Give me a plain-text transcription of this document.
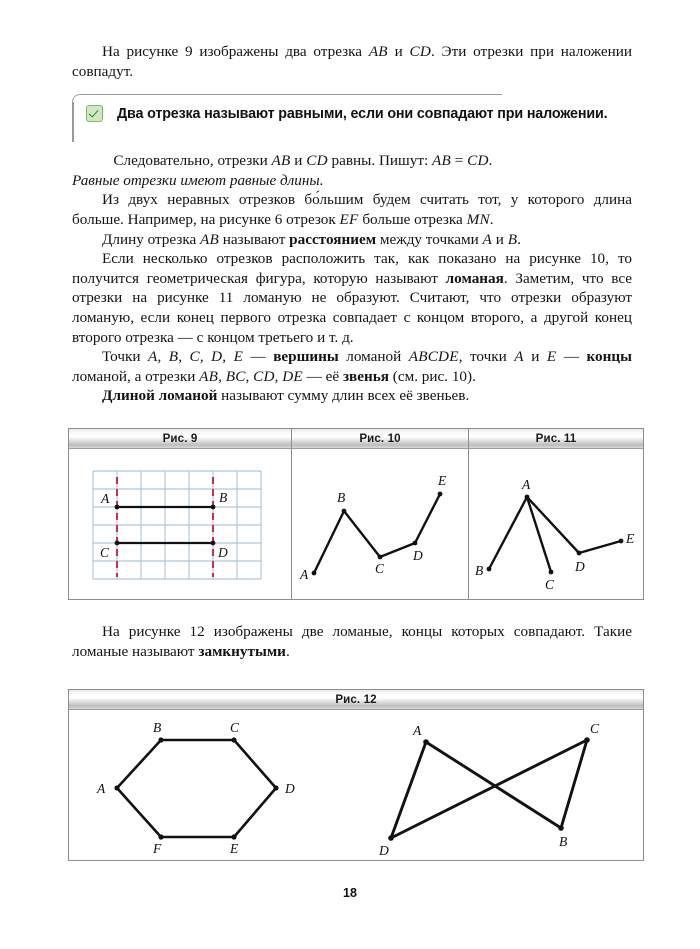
На рисунке 9 изображены два отрезка AB и CD. Эти отрезки при наложении совпадут.

Два отрезка называют равными, если они совпадают при наложении.

Следовательно, отрезки AB и CD равны. Пишут: AB = CD.
Равные отрезки имеют равные длины.

Из двух неравных отрезков бо́льшим будем считать тот, у которого длина больше. Например, на рисунке 6 отрезок EF больше отрезка MN.

Длину отрезка AB называют расстоянием между точками A и B.

Если несколько отрезков расположить так, как показано на рисунке 10, то получится геометрическая фигура, которую называют ломаная. Заметим, что все отрезки на рисунке 11 ломаную не образуют. Считают, что отрезки образуют ломаную, если конец первого отрезка совпадает с концом второго, а другой конец второго отрезка — с концом третьего и т. д.

Точки A, B, C, D, E — вершины ломаной ABCDE, точки A и E — концы ломаной, а отрезки AB, BC, CD, DE — её звенья (см. рис. 10).

Длиной ломаной называют сумму длин всех её звеньев.

Рис. 9
A	B
C	D
Рис. 10
A
B
C
D
E
Рис. 11
A
B
C
D
E

На рисунке 12 изображены две ломаные, концы которых совпадают. Такие ломаные называют замкнутыми.

Рис. 12
A
B	C
D
E
F
A
B
C
D
18
